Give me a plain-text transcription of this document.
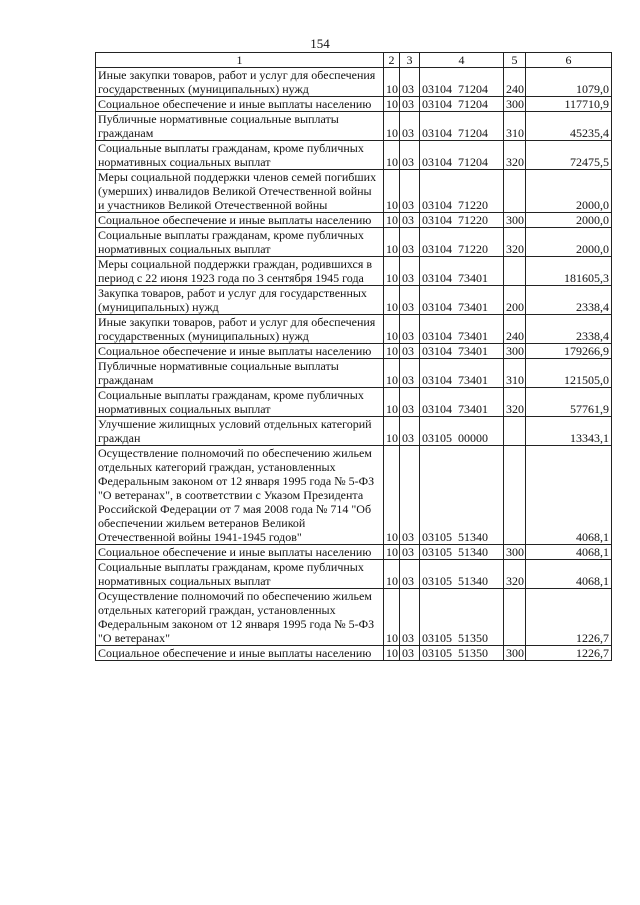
154
1	2	3	4	5	6
Иные закупки товаров, работ и услуг для обеспечения государственных (муниципальных) нужд	10	03	03104  71204	240	1079,0
Социальное обеспечение и иные выплаты населению	10	03	03104  71204	300	117710,9
Публичные нормативные социальные выплаты гражданам	10	03	03104  71204	310	45235,4
Социальные выплаты гражданам, кроме публичных нормативных социальных выплат	10	03	03104  71204	320	72475,5
Меры социальной поддержки членов семей погибших (умерших) инвалидов Великой Отечественной войны и участников Великой Отечественной войны	10	03	03104  71220		2000,0
Социальное обеспечение и иные выплаты населению	10	03	03104  71220	300	2000,0
Социальные выплаты гражданам, кроме публичных нормативных социальных выплат	10	03	03104  71220	320	2000,0
Меры социальной поддержки граждан, родившихся в период с 22 июня 1923 года по 3 сентября 1945 года	10	03	03104  73401		181605,3
Закупка товаров, работ и услуг для государственных (муниципальных) нужд	10	03	03104  73401	200	2338,4
Иные закупки товаров, работ и услуг для обеспечения государственных (муниципальных) нужд	10	03	03104  73401	240	2338,4
Социальное обеспечение и иные выплаты населению	10	03	03104  73401	300	179266,9
Публичные нормативные социальные выплаты гражданам	10	03	03104  73401	310	121505,0
Социальные выплаты гражданам, кроме публичных нормативных социальных выплат	10	03	03104  73401	320	57761,9
Улучшение жилищных условий отдельных категорий граждан	10	03	03105  00000		13343,1
Осуществление полномочий по обеспечению жильем отдельных категорий граждан, установленных Федеральным законом от 12 января 1995 года № 5-ФЗ "О ветеранах", в соответствии с Указом Президента Российской Федерации от 7 мая 2008 года № 714 "Об обеспечении жильем ветеранов Великой Отечественной войны 1941-1945 годов"	10	03	03105  51340		4068,1
Социальное обеспечение и иные выплаты населению	10	03	03105  51340	300	4068,1
Социальные выплаты гражданам, кроме публичных нормативных социальных выплат	10	03	03105  51340	320	4068,1
Осуществление полномочий по обеспечению жильем отдельных категорий граждан, установленных Федеральным законом от 12 января 1995 года № 5-ФЗ "О ветеранах"	10	03	03105  51350		1226,7
Социальное обеспечение и иные выплаты населению	10	03	03105  51350	300	1226,7
